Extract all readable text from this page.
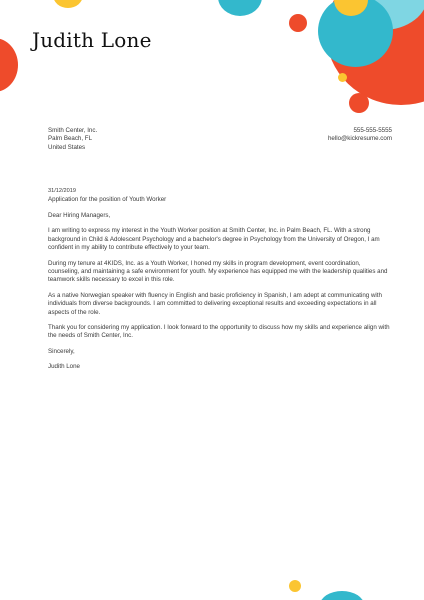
Judith Lone
Smith Center, Inc.
Palm Beach, FL
United States
555-555-5555
hello@kickresume.com
31/12/2019
Application for the position of Youth Worker

Dear Hiring Managers,

I am writing to express my interest in the Youth Worker position at Smith Center, Inc. in Palm Beach, FL. With a strong background in Child & Adolescent Psychology and a bachelor's degree in Psychology from the University of Oregon, I am confident in my ability to contribute effectively to your team.

During my tenure at 4KIDS, Inc. as a Youth Worker, I honed my skills in program development, event coordination, counseling, and maintaining a safe environment for youth. My experience has equipped me with the leadership qualities and teamwork skills necessary to excel in this role.

As a native Norwegian speaker with fluency in English and basic proficiency in Spanish, I am adept at communicating with individuals from diverse backgrounds. I am committed to delivering exceptional results and exceeding expectations in all aspects of the role.

Thank you for considering my application. I look forward to the opportunity to discuss how my skills and experience align with the needs of Smith Center, Inc.

Sincerely,

Judith Lone
